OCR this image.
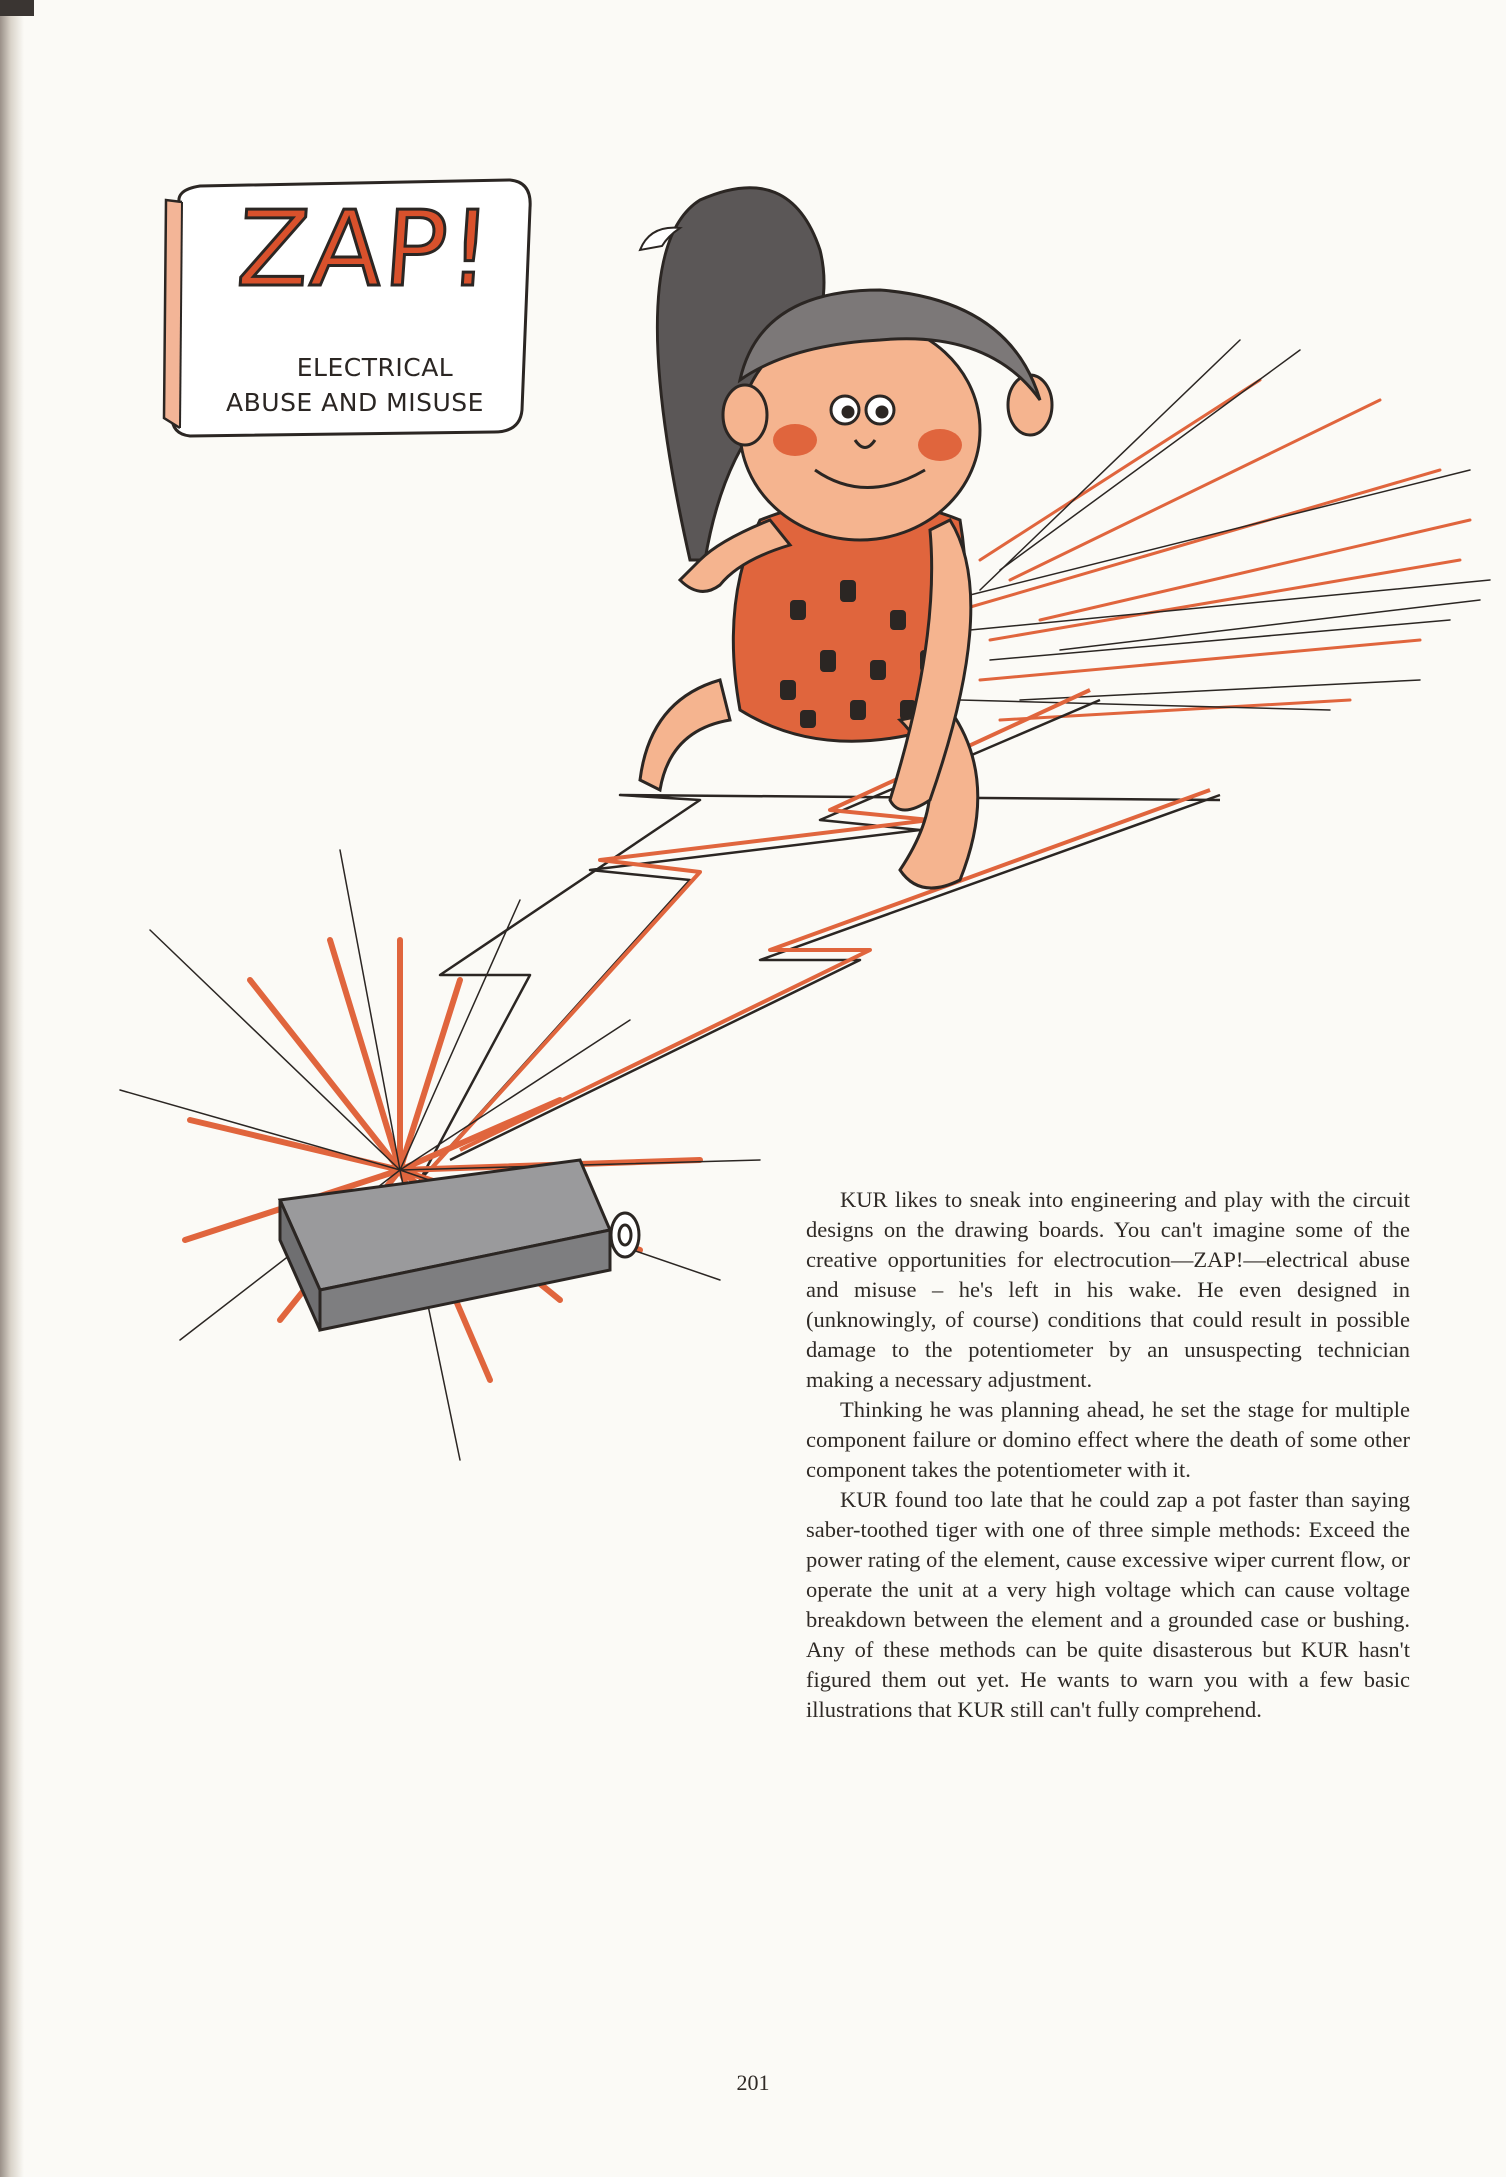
ZAP!
ELECTRICAL
ABUSE AND MISUSE

KUR likes to sneak into engineering and play with the circuit designs on the drawing boards. You can't imagine some of the creative opportunities for electrocution—ZAP!—electrical abuse and misuse – he's left in his wake. He even designed in (unknowingly, of course) conditions that could result in possible damage to the potentiometer by an unsuspecting technician making a necessary adjustment.

Thinking he was planning ahead, he set the stage for multiple component failure or domino effect where the death of some other component takes the potentiometer with it.

KUR found too late that he could zap a pot faster than saying saber-toothed tiger with one of three simple methods: Exceed the power rating of the element, cause excessive wiper current flow, or operate the unit at a very high voltage which can cause voltage breakdown between the element and a grounded case or bushing. Any of these methods can be quite disasterous but KUR hasn't figured them out yet. He wants to warn you with a few basic illustrations that KUR still can't fully comprehend.

201
